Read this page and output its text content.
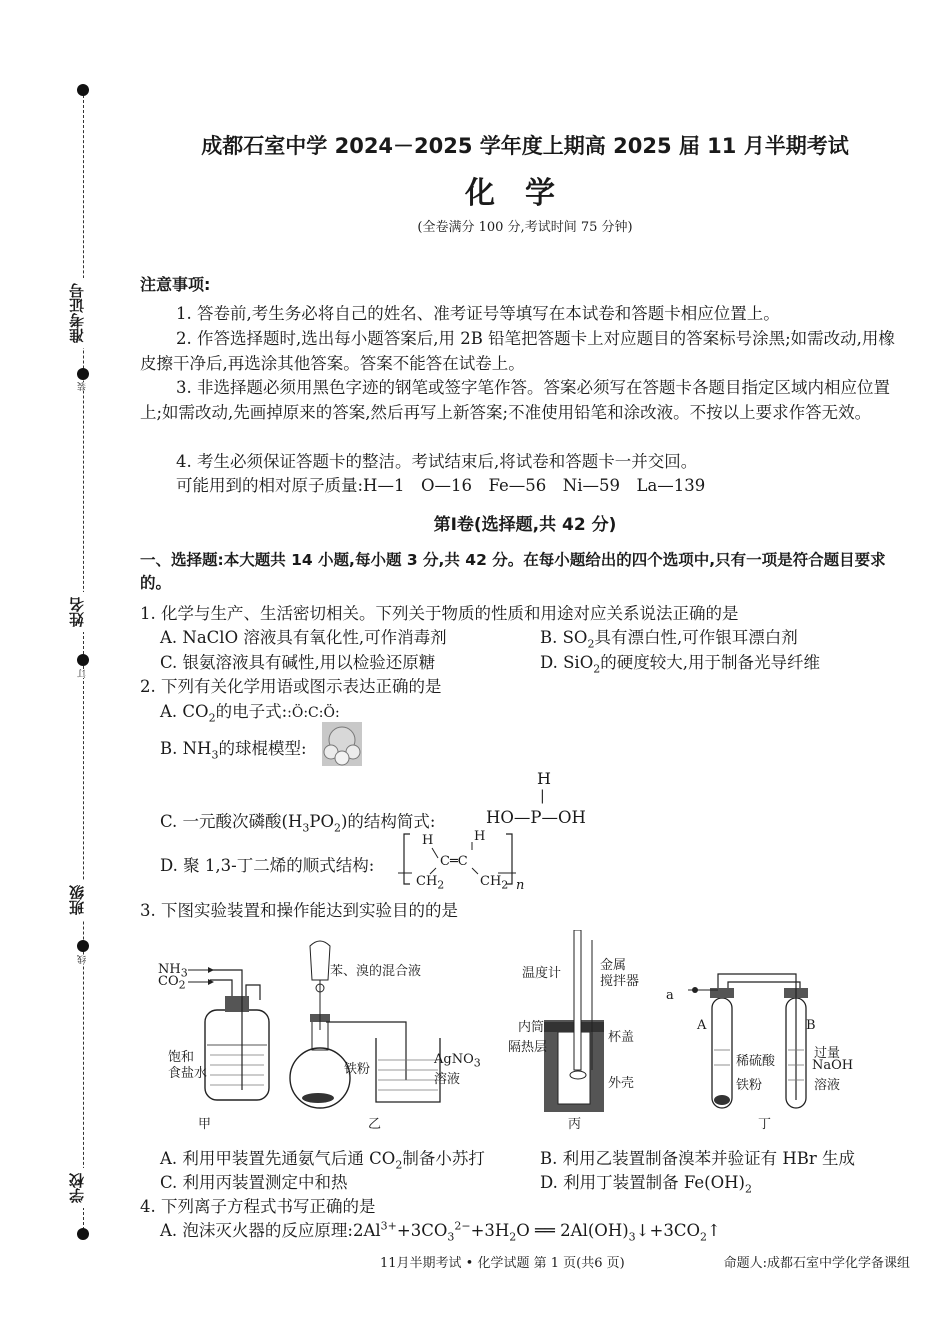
准考证号
装
姓名
订
班级
线
学校
成都石室中学 2024－2025 学年度上期高 2025 届 11 月半期考试
化学
(全卷满分 100 分,考试时间 75 分钟)
注意事项:
1. 答卷前,考生务必将自己的姓名、准考证号等填写在本试卷和答题卡相应位置上。
2. 作答选择题时,选出每小题答案后,用 2B 铅笔把答题卡上对应题目的答案标号涂黑;如需改动,用橡皮擦干净后,再选涂其他答案。答案不能答在试卷上。
3. 非选择题必须用黑色字迹的钢笔或签字笔作答。答案必须写在答题卡各题目指定区域内相应位置上;如需改动,先画掉原来的答案,然后再写上新答案;不准使用铅笔和涂改液。不按以上要求作答无效。
4. 考生必须保证答题卡的整洁。考试结束后,将试卷和答题卡一并交回。
可能用到的相对原子质量:H—1　O—16　Fe—56　Ni—59　La—139
第Ⅰ卷(选择题,共 42 分)
一、选择题:本大题共 14 小题,每小题 3 分,共 42 分。在每小题给出的四个选项中,只有一项是符合题目要求的。
1. 化学与生产、生活密切相关。下列关于物质的性质和用途对应关系说法正确的是
A. NaClO 溶液具有氧化性,可作消毒剂	B. $SO_2$具有漂白性,可作银耳漂白剂
C. 银氨溶液具有碱性,用以检验还原糖	D. SiO$_2$的硬度较大,用于制备光导纤维
2. 下列有关化学用语或图示表达正确的是
A. $CO_2$的电子式::Ö:C:Ö:
B. $NH_3$的球棍模型:
H
|
C. 一元酸次磷酸$(H_3PO_2)$的结构简式:	HO—P—OH
D. 聚 1,3-丁二烯的顺式结构:
H	H
C═C
$CH_2$	$CH_2$ n
3. 下图实验装置和操作能达到实验目的的是
$NH_3$
$CO_2$
饱和
食盐水
甲
苯、溴的混合液
铁粉
AgNO$_3$
溶液
乙
温度计
金属
搅拌器
内筒
杯盖
隔热层
外壳
丙
a
A	B
稀硫酸
铁粉
过量
NaOH
溶液
丁
A. 利用甲装置先通氨气后通 $CO_2$制备小苏打	B. 利用乙装置制备溴苯并验证有 HBr 生成
C. 利用丙装置测定中和热	D. 利用丁装置制备 $Fe(OH)_2$
4. 下列离子方程式书写正确的是
A. 泡沫灭火器的反应原理$:2Al^{3+}+3CO_3^{2-}+3H_2O$ ══ $2Al(OH)_3↓+3CO_2↑$
11月半期考试 • 化学试题 第 1 页(共6 页)	命题人:成都石室中学化学备课组
